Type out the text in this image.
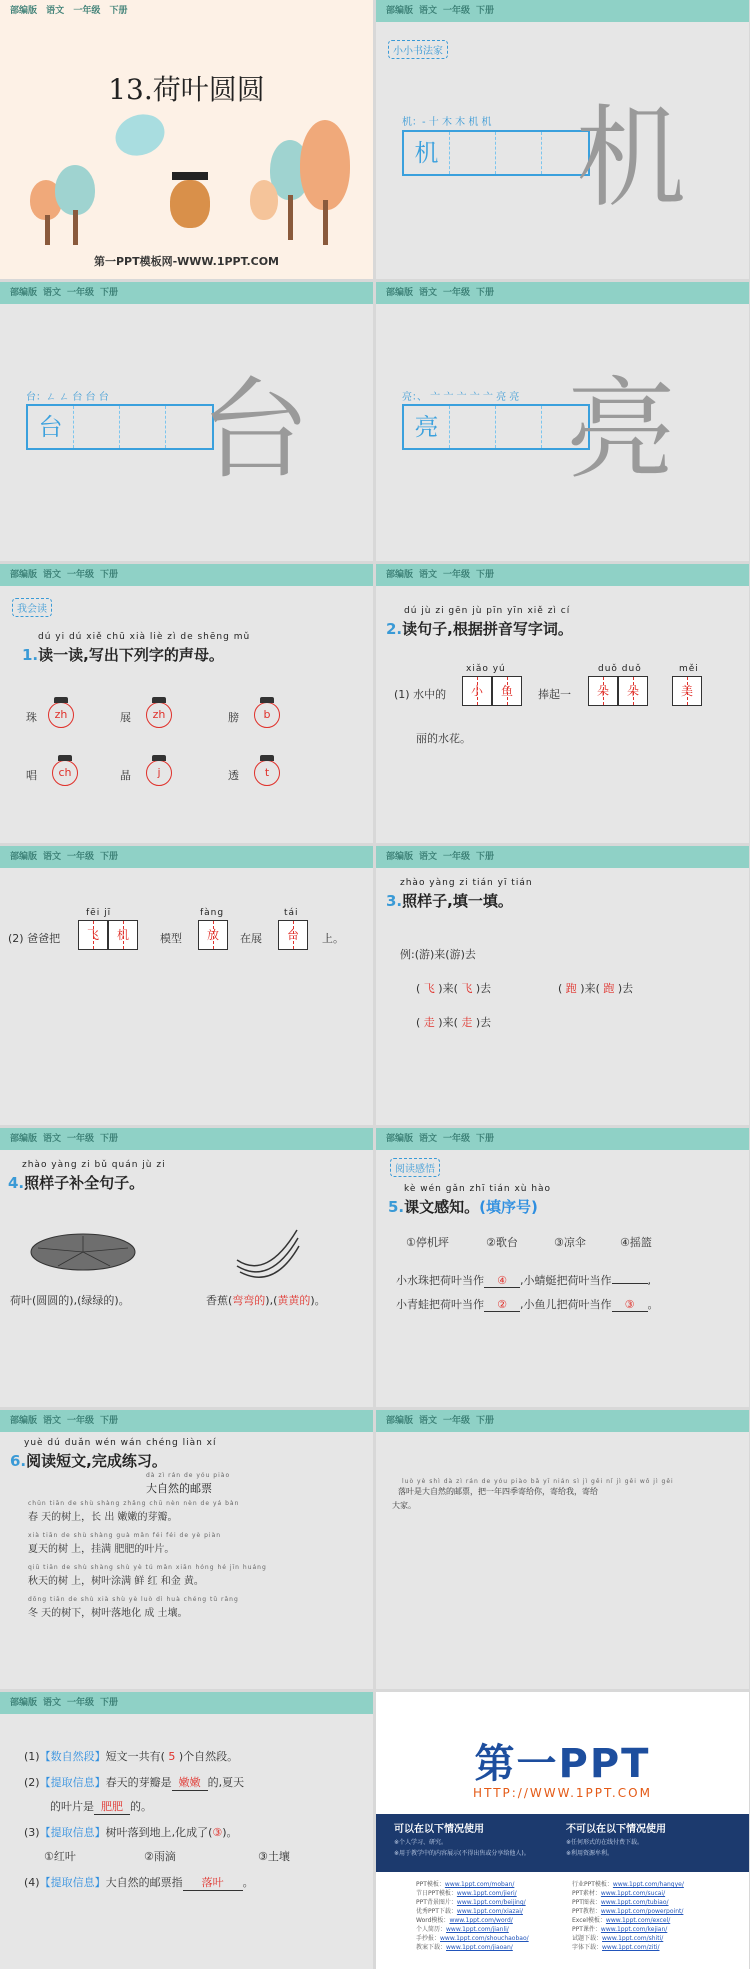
部编版 语文 一年级 下册
13.荷叶圆圆
第一PPT模板网-WWW.1PPT.COM
部编版 语文 一年级 下册
小小书法家
机：- 十 木 木 机 机
机 机
部编版 语文 一年级 下册
台：ㄥ ㄥ 台 台 台
台 台
部编版 语文 一年级 下册
亮：、 亠 亠 亠 亠 亠 亮 亮
亮 亮
部编版 语文 一年级 下册
我会读
dú yi dú xiě chū xià liè zì de shēng mǔ
1.读一读,写出下列字的声母。
珠	zh	展	zh	膀	b
唱	ch	晶	j	透	t
部编版 语文 一年级 下册
dú jù zi gēn jù pīn yīn xiě zì cí
2.读句子,根据拼音写字词。
(1) 水中的
xiǎo yú
小 鱼	捧起一
duǒ duǒ
朵 朵
měi
美
丽的水花。
部编版 语文 一年级 下册
(2) 爸爸把
fēi jī
飞 机	模型
fàng
放	在展
tái
台	上。
部编版 语文 一年级 下册
zhào yàng zi tián yī tián
3.照样子,填一填。
例:(游)来(游)去
( 飞 )来( 飞 )去	( 跑 )来( 跑 )去
( 走 )来( 走 )去
部编版 语文 一年级 下册
zhào yàng zi bǔ quán jù zi
4.照样子补全句子。
荷叶(圆圆的),(绿绿的)。	香蕉(弯弯的),(黄黄的)。
部编版 语文 一年级 下册
阅读感悟
kè wén gǎn zhī tián xù hào
5.课文感知。(填序号)
①停机坪	②歌台	③凉伞	④摇篮
小水珠把荷叶当作 ④ ,小蜻蜓把荷叶当作	,
小青蛙把荷叶当作 ② ,小鱼儿把荷叶当作 ③ 。
部编版 语文 一年级 下册
yuè dú duǎn wén wán chéng liàn xí
6.阅读短文,完成练习。
dà zì rán de yóu piào
大自然的邮票
chūn tiān de shù shàng zhǎng chū nèn nèn de yá bàn
春 天的树上，长 出 嫩嫩的芽瓣。
xià tiān de shù shàng guà mǎn féi féi de yè piàn
夏天的树 上，挂满 肥肥的叶片。
qiū tiān de shù shàng shù yè tú mǎn xiān hóng hé jīn huáng
秋天的树 上，树叶涂满 鲜 红 和金 黄。
dōng tiān de shù xià shù yè luò dì huà chéng tǔ rǎng
冬 天的树下，树叶落地化 成 土壤。
部编版 语文 一年级 下册
luò yè shì dà zì rán de yóu piào bǎ yī nián sì jì gěi nǐ jì gěi wǒ jì gěi
落叶是大自然的邮票，把一年四季寄给你，寄给我，寄给
大家。
部编版 语文 一年级 下册
(1)【数自然段】短文一共有( 5 )个自然段。
(2)【提取信息】春天的芽瓣是 嫩嫩 的,夏天
的叶片是 肥肥 的。
(3)【提取信息】树叶落到地上,化成了(③)。
①红叶	②雨滴	③土壤
(4)【提取信息】大自然的邮票指 落叶 。
第一PPT
HTTP://WWW.1PPT.COM
可以在以下情况使用
※个人学习、研究。
※用于教学中的内容展示(不得出售或分享给他人)。
不可以在以下情况使用
※任何形式的在线付费下载。
※利用资源牟利。
PPT模板：www.1ppt.com/moban/
节日PPT模板：www.1ppt.com/jieri/
PPT背景图片：www.1ppt.com/beijing/
优秀PPT下载：www.1ppt.com/xiazai/
Word模板：www.1ppt.com/word/
个人简历：www.1ppt.com/jianli/
手抄报：www.1ppt.com/shouchaobao/
教案下载：www.1ppt.com/jiaoan/
行业PPT模板：www.1ppt.com/hangye/
PPT素材：www.1ppt.com/sucai/
PPT图表：www.1ppt.com/tubiao/
PPT教程：www.1ppt.com/powerpoint/
Excel模板：www.1ppt.com/excel/
PPT课件：www.1ppt.com/kejian/
试题下载：www.1ppt.com/shiti/
字体下载：www.1ppt.com/ziti/
